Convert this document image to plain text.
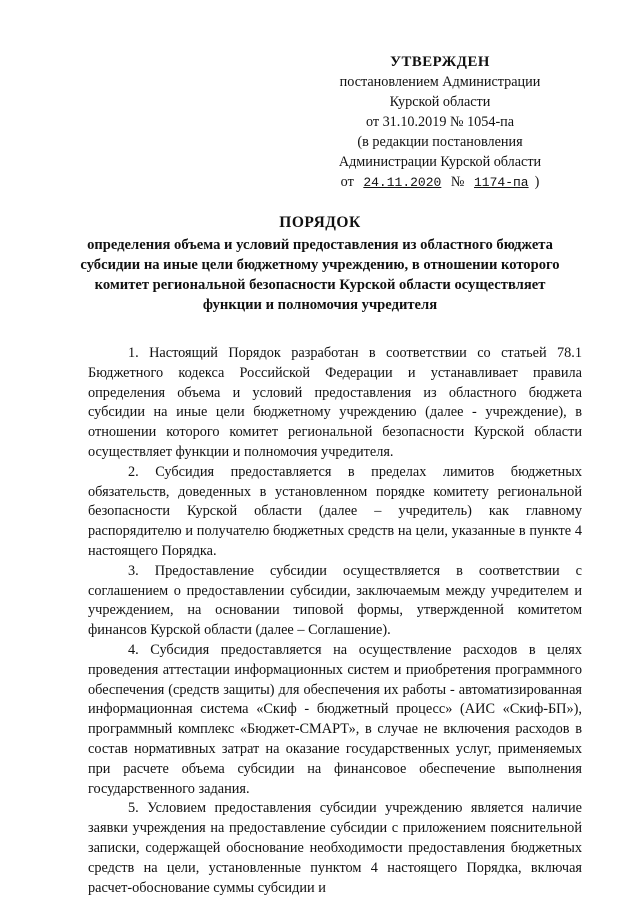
УТВЕРЖДЕН
постановлением Администрации
Курской области
от 31.10.2019 № 1054-па
(в редакции постановления
Администрации Курской области
от 24.11.2020 № 1174-па )
ПОРЯДОК
определения объема и условий предоставления из областного бюджета субсидии на иные цели бюджетному учреждению, в отношении которого комитет региональной безопасности Курской области осуществляет функции и полномочия учредителя

1. Настоящий Порядок разработан в соответствии со статьей 78.1 Бюджетного кодекса Российской Федерации и устанавливает правила определения объема и условий предоставления из областного бюджета субсидии на иные цели бюджетному учреждению (далее - учреждение), в отношении которого комитет региональной безопасности Курской области осуществляет функции и полномочия учредителя.

2. Субсидия предоставляется в пределах лимитов бюджетных обязательств, доведенных в установленном порядке комитету региональной безопасности Курской области (далее – учредитель) как главному распорядителю и получателю бюджетных средств на цели, указанные в пункте 4 настоящего Порядка.

3. Предоставление субсидии осуществляется в соответствии с соглашением о предоставлении субсидии, заключаемым между учредителем и учреждением, на основании типовой формы, утвержденной комитетом финансов Курской области (далее – Соглашение).

4. Субсидия предоставляется на осуществление расходов в целях проведения аттестации информационных систем и приобретения программного обеспечения (средств защиты) для обеспечения их работы - автоматизированная информационная система «Скиф - бюджетный процесс» (АИС «Скиф-БП»), программный комплекс «Бюджет-СМАРТ», в случае не включения расходов в состав нормативных затрат на оказание государственных услуг, применяемых при расчете объема субсидии на финансовое обеспечение выполнения государственного задания.

5. Условием предоставления субсидии учреждению является наличие заявки учреждения на предоставление субсидии с приложением пояснительной записки, содержащей обоснование необходимости предоставления бюджетных средств на цели, установленные пунктом 4 настоящего Порядка, включая расчет-обоснование суммы субсидии и
